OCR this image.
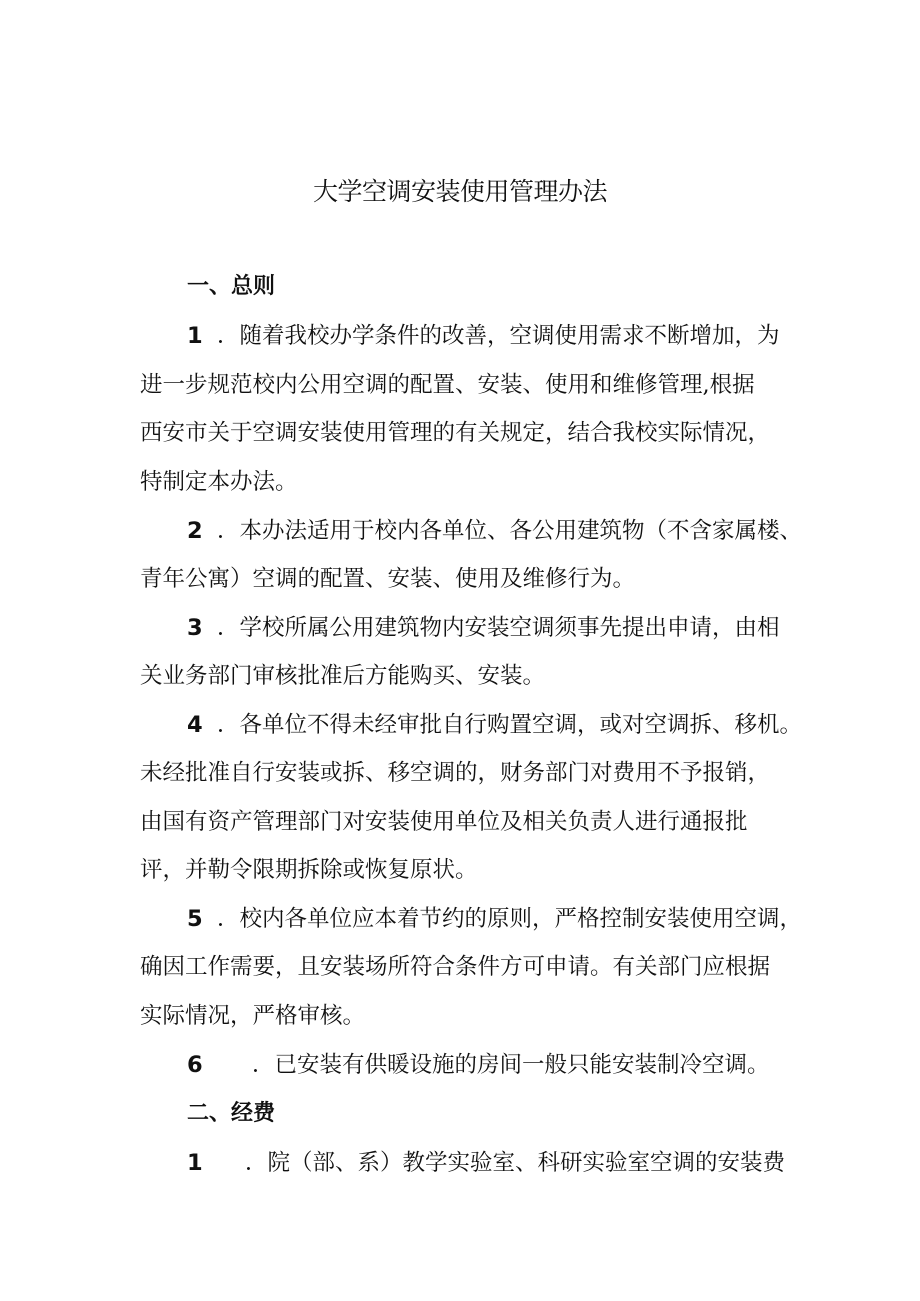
大学空调安装使用管理办法
一、总则
1 ．随着我校办学条件的改善，空调使用需求不断增加，为
进一步规范校内公用空调的配置、安装、使用和维修管理,根据
西安市关于空调安装使用管理的有关规定，结合我校实际情况，
特制定本办法。
2 ．本办法适用于校内各单位、各公用建筑物（不含家属楼、
青年公寓）空调的配置、安装、使用及维修行为。
3 ．学校所属公用建筑物内安装空调须事先提出申请，由相
关业务部门审核批准后方能购买、安装。
4 ．各单位不得未经审批自行购置空调，或对空调拆、移机。
未经批准自行安装或拆、移空调的，财务部门对费用不予报销，
由国有资产管理部门对安装使用单位及相关负责人进行通报批
评，并勒令限期拆除或恢复原状。
5 ．校内各单位应本着节约的原则，严格控制安装使用空调，
确因工作需要，且安装场所符合条件方可申请。有关部门应根据
实际情况，严格审核。
6 ．已安装有供暖设施的房间一般只能安装制冷空调。
二、经费
1 ．院（部、系）教学实验室、科研实验室空调的安装费
